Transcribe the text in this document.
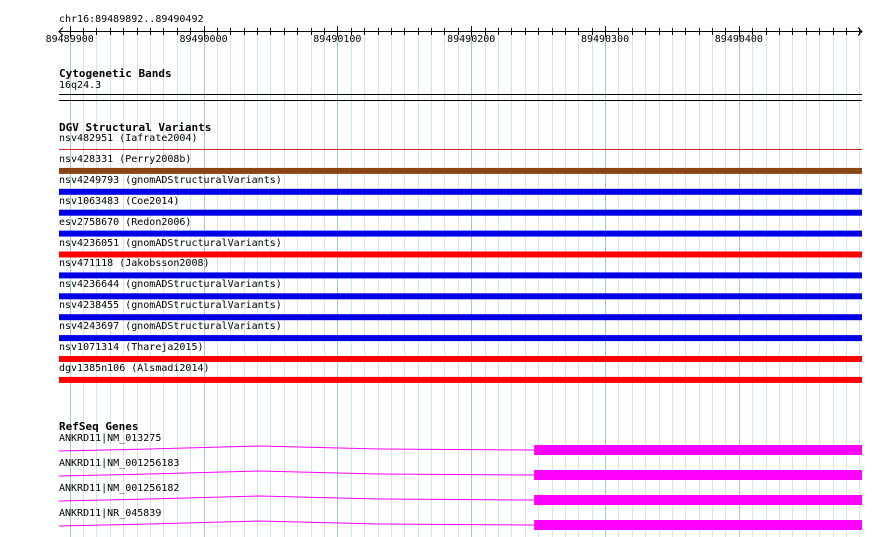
chr16:89489892..89490492
89489900	89490000	89490100	89490200	89490300	89490400
Cytogenetic Bands
16q24.3
DGV Structural Variants
nsv482951 (Iafrate2004)
nsv428331 (Perry2008b)
nsv4249793 (gnomADStructuralVariants)
nsv1063483 (Coe2014)
esv2758670 (Redon2006)
nsv4236051 (gnomADStructuralVariants)
nsv471118 (Jakobsson2008)
nsv4236644 (gnomADStructuralVariants)
nsv4238455 (gnomADStructuralVariants)
nsv4243697 (gnomADStructuralVariants)
nsv1071314 (Thareja2015)
dgv1385n106 (Alsmadi2014)
RefSeq Genes
ANKRD11|NM_013275
ANKRD11|NM_001256183
ANKRD11|NM_001256182
ANKRD11|NR_045839
